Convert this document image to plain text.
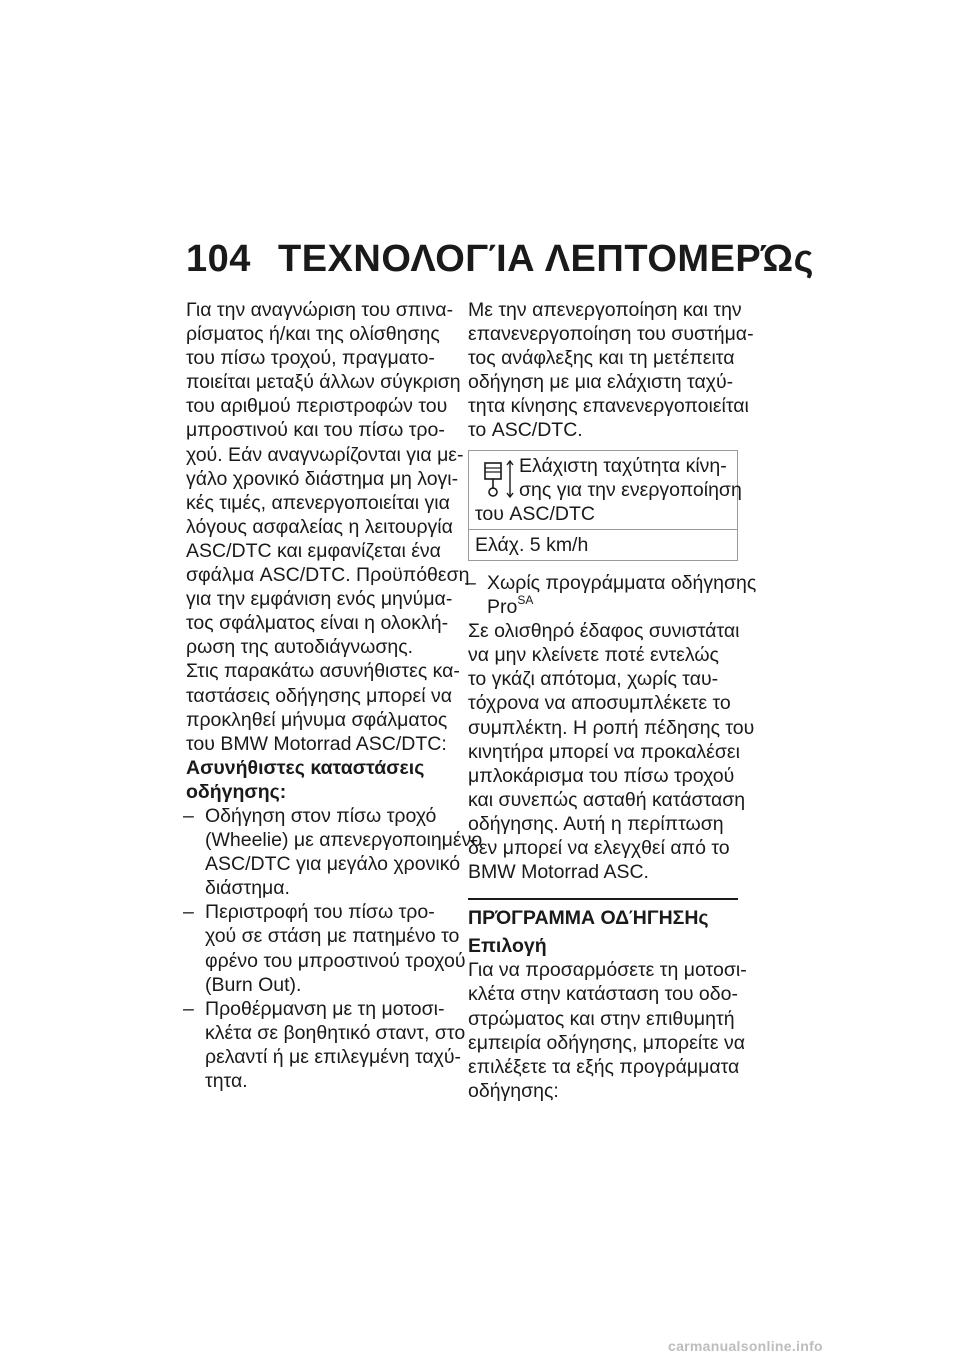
104 ΤΕΧΝΟΛΟΓΊΑ ΛΕΠΤΟΜΕΡΏς

Για την αναγνώριση του σπινα-
ρίσματος ή/και της ολίσθησης
του πίσω τροχού, πραγματο-
ποιείται μεταξύ άλλων σύγκριση
του αριθμού περιστροφών του
μπροστινού και του πίσω τρο-
χού. Εάν αναγνωρίζονται για με-
γάλο χρονικό διάστημα μη λογι-
κές τιμές, απενεργοποιείται για
λόγους ασφαλείας η λειτουργία
ASC/DTC και εμφανίζεται ένα
σφάλμα ASC/DTC. Προϋπόθεση
για την εμφάνιση ενός μηνύμα-
τος σφάλματος είναι η ολοκλή-
ρωση της αυτοδιάγνωσης.

Στις παρακάτω ασυνήθιστες κα-
ταστάσεις οδήγησης μπορεί να
προκληθεί μήνυμα σφάλματος
του BMW Motorrad ASC/DTC:

Ασυνήθιστες καταστάσεις
οδήγησης:

– Οδήγηση στον πίσω τροχό
(Wheelie) με απενεργοποιημένο
ASC/DTC για μεγάλο χρονικό
διάστημα.
– Περιστροφή του πίσω τρο-
χού σε στάση με πατημένο το
φρένο του μπροστινού τροχού
(Burn Out).
– Προθέρμανση με τη μοτοσι-
κλέτα σε βοηθητικό σταντ, στο
ρελαντί ή με επιλεγμένη ταχύ-
τητα.

Με την απενεργοποίηση και την
επανενεργοποίηση του συστήμα-
τος ανάφλεξης και τη μετέπειτα
οδήγηση με μια ελάχιστη ταχύ-
τητα κίνησης επανενεργοποιείται
το ASC/DTC.

Ελάχιστη ταχύτητα κίνη-
σης για την ενεργοποίηση
του ASC/DTC
Ελάχ. 5 km/h
– Χωρίς προγράμματα οδήγησης
Pro$^{SA}$

Σε ολισθηρό έδαφος συνιστάται
να μην κλείνετε ποτέ εντελώς
το γκάζι απότομα, χωρίς ταυ-
τόχρονα να αποσυμπλέκετε το
συμπλέκτη. Η ροπή πέδησης του
κινητήρα μπορεί να προκαλέσει
μπλοκάρισμα του πίσω τροχού
και συνεπώς ασταθή κατάσταση
οδήγησης. Αυτή η περίπτωση
δεν μπορεί να ελεγχθεί από το
BMW Motorrad ASC.

ΠΡΌΓΡΑΜΜΑ ΟΔΉΓΗΣΗς
Επιλογή

Για να προσαρμόσετε τη μοτοσι-
κλέτα στην κατάσταση του οδο-
στρώματος και στην επιθυμητή
εμπειρία οδήγησης, μπορείτε να
επιλέξετε τα εξής προγράμματα
οδήγησης:

carmanualsonline.info
